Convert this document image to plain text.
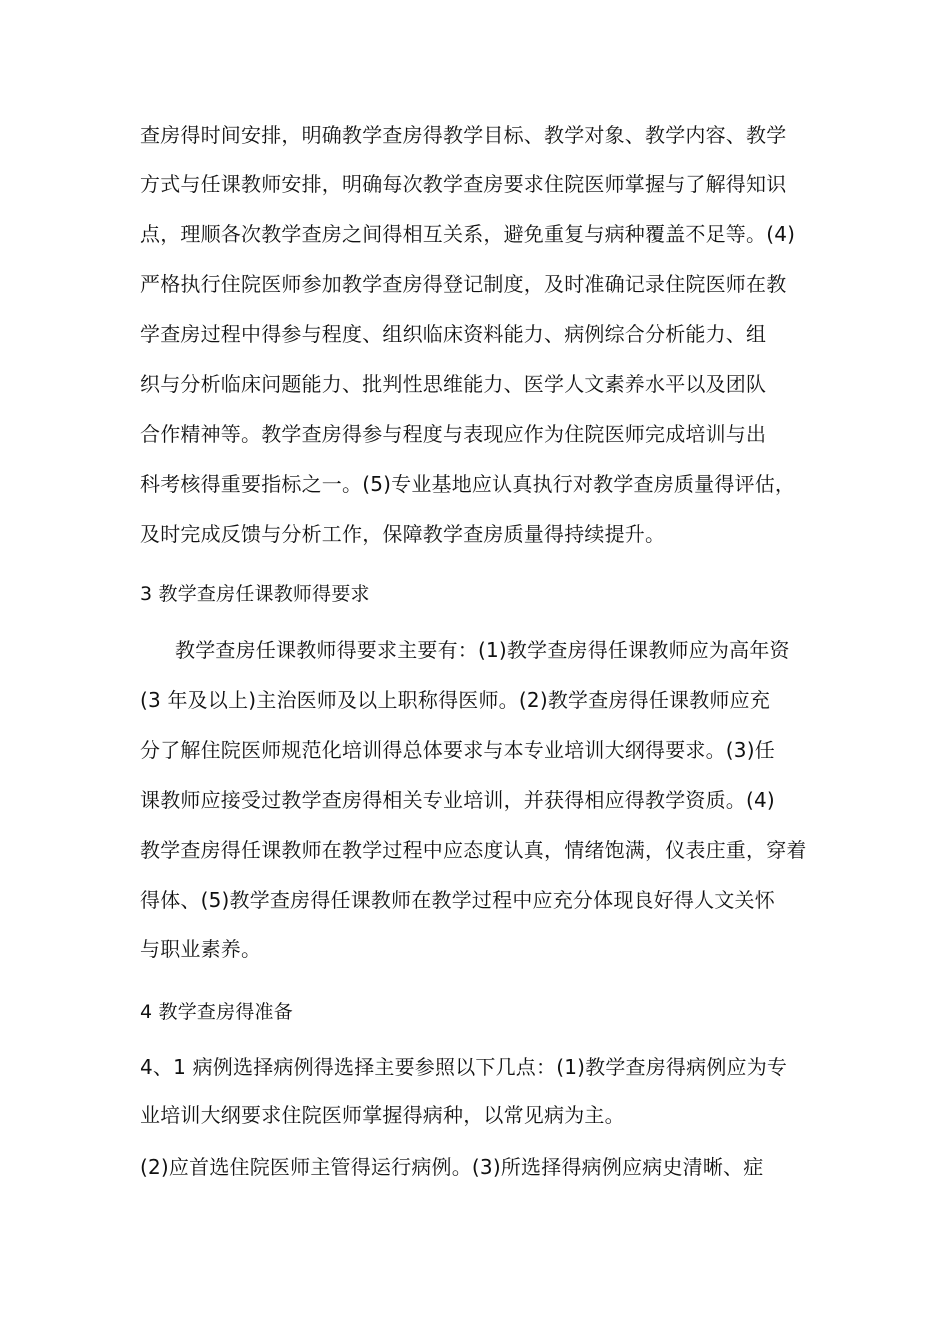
查房得时间安排，明确教学查房得教学目标、教学对象、教学内容、教学
方式与任课教师安排，明确每次教学查房要求住院医师掌握与了解得知识
点，理顺各次教学查房之间得相互关系，避免重复与病种覆盖不足等。(4)
严格执行住院医师参加教学查房得登记制度，及时准确记录住院医师在教
学查房过程中得参与程度、组织临床资料能力、病例综合分析能力、组
织与分析临床问题能力、批判性思维能力、医学人文素养水平以及团队
合作精神等。教学查房得参与程度与表现应作为住院医师完成培训与出
科考核得重要指标之一。(5)专业基地应认真执行对教学查房质量得评估，
及时完成反馈与分析工作，保障教学查房质量得持续提升。
3 教学查房任课教师得要求
教学查房任课教师得要求主要有：(1)教学查房得任课教师应为高年资
(3 年及以上)主治医师及以上职称得医师。(2)教学查房得任课教师应充
分了解住院医师规范化培训得总体要求与本专业培训大纲得要求。(3)任
课教师应接受过教学查房得相关专业培训，并获得相应得教学资质。(4)
教学查房得任课教师在教学过程中应态度认真，情绪饱满，仪表庄重，穿着
得体、(5)教学查房得任课教师在教学过程中应充分体现良好得人文关怀
与职业素养。
4 教学查房得准备
4、1 病例选择病例得选择主要参照以下几点：(1)教学查房得病例应为专
业培训大纲要求住院医师掌握得病种，以常见病为主。
(2)应首选住院医师主管得运行病例。(3)所选择得病例应病史清晰、症
